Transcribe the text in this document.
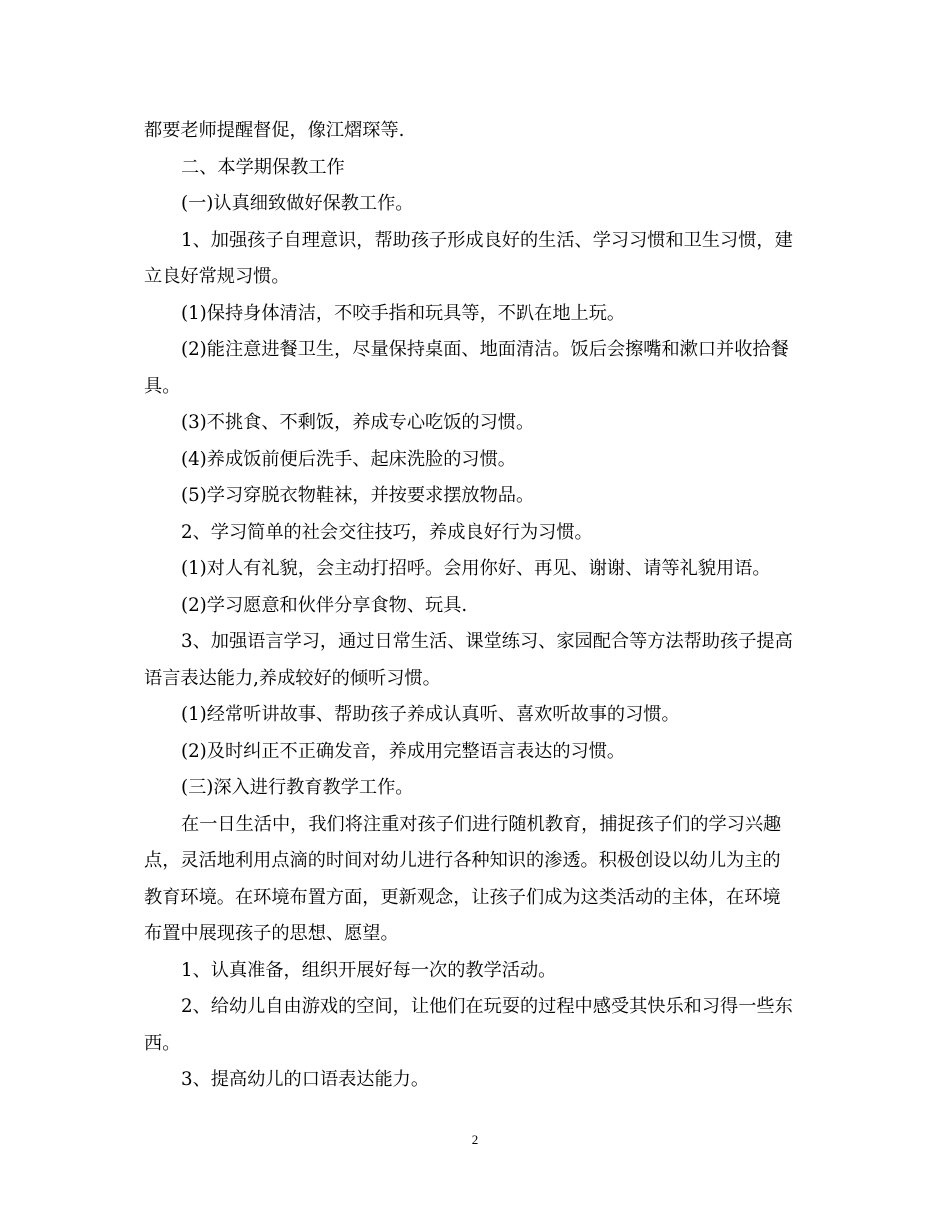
都要老师提醒督促，像江熠琛等.
二、本学期保教工作
(一)认真细致做好保教工作。
1、加强孩子自理意识，帮助孩子形成良好的生活、学习习惯和卫生习惯，建
立良好常规习惯。
(1)保持身体清洁，不咬手指和玩具等，不趴在地上玩。
(2)能注意进餐卫生，尽量保持桌面、地面清洁。饭后会擦嘴和漱口并收拾餐
具。
(3)不挑食、不剩饭，养成专心吃饭的习惯。
(4)养成饭前便后洗手、起床洗脸的习惯。
(5)学习穿脱衣物鞋袜，并按要求摆放物品。
2、学习简单的社会交往技巧，养成良好行为习惯。
(1)对人有礼貌，会主动打招呼。会用你好、再见、谢谢、请等礼貌用语。
(2)学习愿意和伙伴分享食物、玩具.
3、加强语言学习，通过日常生活、课堂练习、家园配合等方法帮助孩子提高
语言表达能力,养成较好的倾听习惯。
(1)经常听讲故事、帮助孩子养成认真听、喜欢听故事的习惯。
(2)及时纠正不正确发音，养成用完整语言表达的习惯。
(三)深入进行教育教学工作。
在一日生活中，我们将注重对孩子们进行随机教育，捕捉孩子们的学习兴趣
点，灵活地利用点滴的时间对幼儿进行各种知识的渗透。积极创设以幼儿为主的
教育环境。在环境布置方面，更新观念，让孩子们成为这类活动的主体，在环境
布置中展现孩子的思想、愿望。
1、认真准备，组织开展好每一次的教学活动。
2、给幼儿自由游戏的空间，让他们在玩耍的过程中感受其快乐和习得一些东
西。
3、提高幼儿的口语表达能力。
2
